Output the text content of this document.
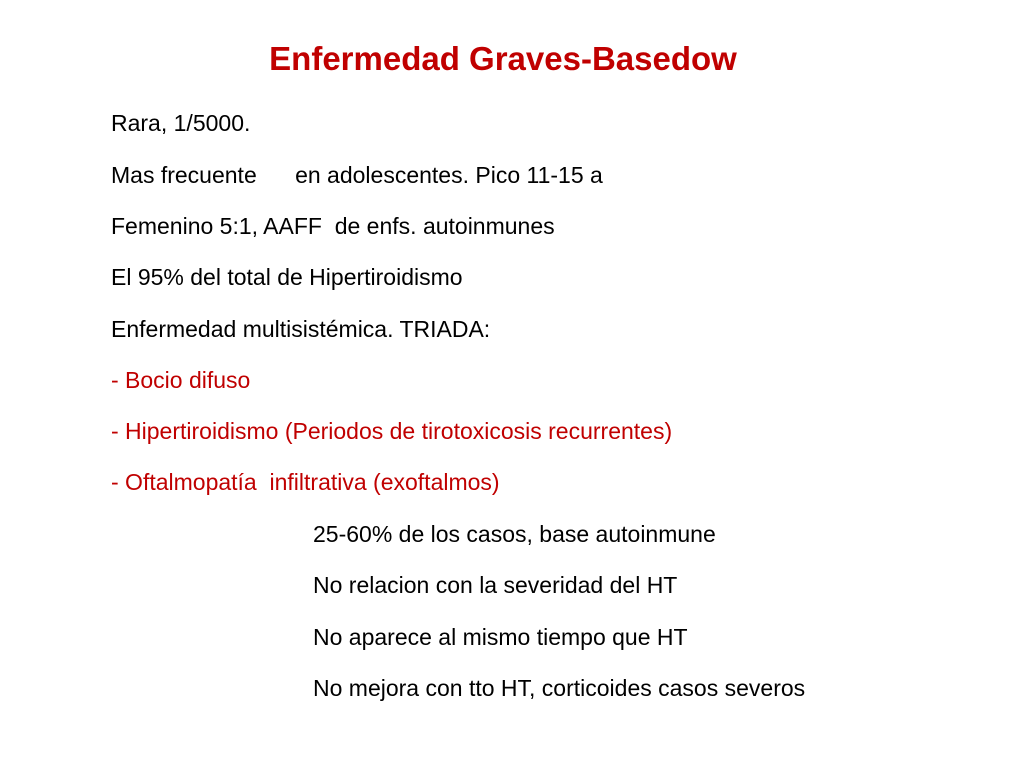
Enfermedad Graves-Basedow
Rara, 1/5000.
Mas frecuente      en adolescentes. Pico 11-15 a
Femenino 5:1, AAFF  de enfs. autoinmunes
El 95% del total de Hipertiroidismo
Enfermedad multisistémica. TRIADA:
- Bocio difuso
- Hipertiroidismo (Periodos de tirotoxicosis recurrentes)
- Oftalmopatía  infiltrativa (exoftalmos)
25-60% de los casos, base autoinmune
No relacion con la severidad del HT
No aparece al mismo tiempo que HT
No mejora con tto HT, corticoides casos severos
